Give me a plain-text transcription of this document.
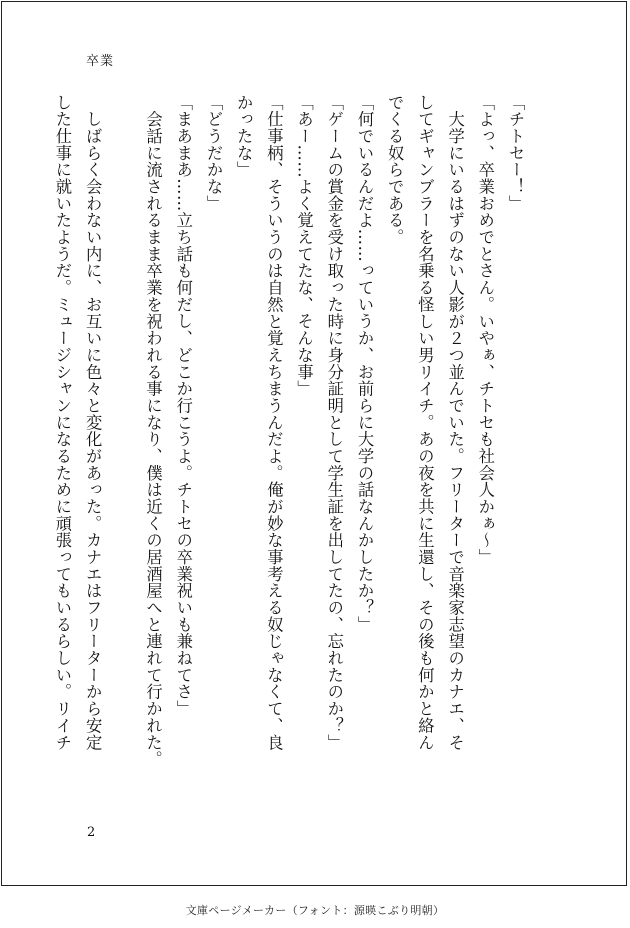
卒業
「チトセー！」
「よっ、卒業おめでとさん。いやぁ、チトセも社会人かぁ〜」
　大学にいるはずのない人影が２つ並んでいた。フリーターで音楽家志望のカナエ、そ
してギャンブラーを名乗る怪しい男リイチ。あの夜を共に生還し、その後も何かと絡ん
でくる奴らである。
「何でいるんだよ……っていうか、お前らに大学の話なんかしたか？」
「ゲームの賞金を受け取った時に身分証明として学生証を出してたの、忘れたのか？」
「あー……よく覚えてたな、そんな事」
「仕事柄、そういうのは自然と覚えちまうんだよ。俺が妙な事考える奴じゃなくて、良
かったな」
「どうだかな」
「まあまあ……立ち話も何だし、どこか行こうよ。チトセの卒業祝いも兼ねてさ」
　会話に流されるまま卒業を祝われる事になり、僕は近くの居酒屋へと連れて行かれた。

　しばらく会わない内に、お互いに色々と変化があった。カナエはフリーターから安定
した仕事に就いたようだ。ミュージシャンになるために頑張ってもいるらしい。リイチ
2
文庫ページメーカー（フォント：源暎こぶり明朝）
